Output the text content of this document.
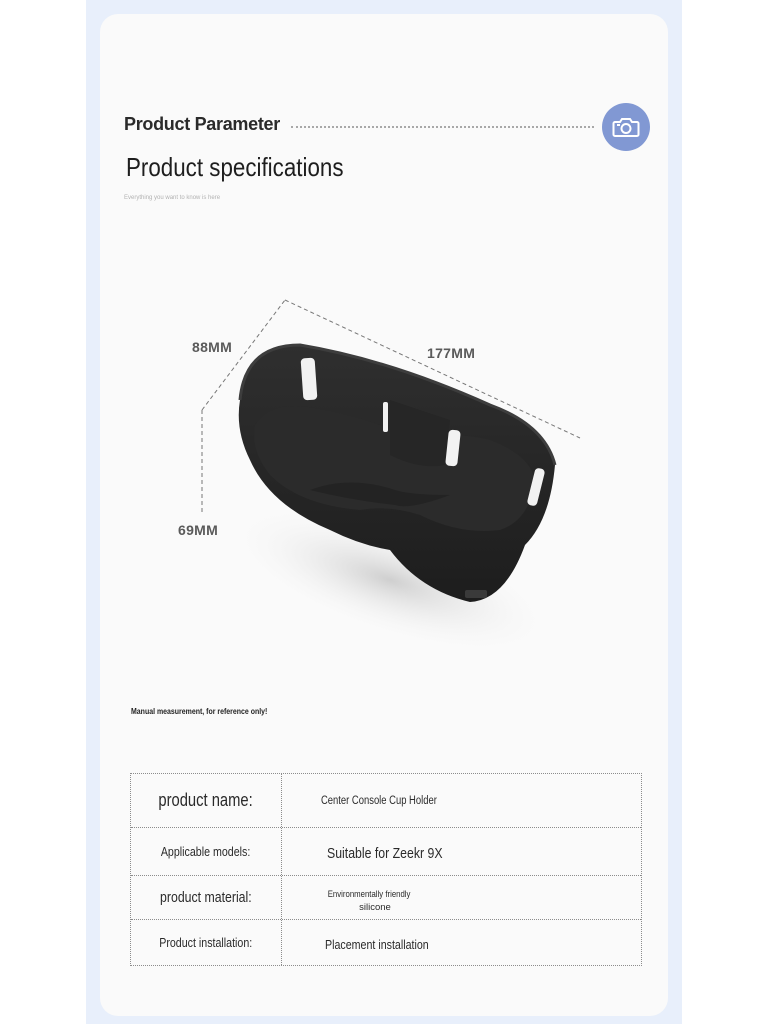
Product Parameter
Product specifications
Everything you want to know is here
88MM	177MM
69MM
Manual measurement, for reference only!
product name:	Center Console Cup Holder
Applicable models:	Suitable for Zeekr 9X
product material:	Environmentally friendly
silicone
Product installation:	Placement installation
